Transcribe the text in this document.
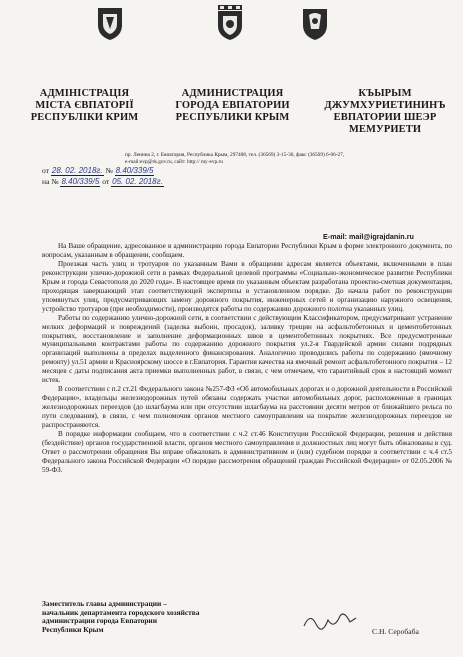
АДМІНІСТРАЦІЯ
МІСТА ЄВПАТОРІЇ
РЕСПУБЛІКИ КРИМ
АДМИНИСТРАЦИЯ
ГОРОДА ЕВПАТОРИИ
РЕСПУБЛИКИ КРЫМ
КЪЫРЫМ
ДЖУМХУРИЕТИНИНЪ
ЕВПАТОРИИ ШЕЭР
МЕМУРИЕТИ
пр. Ленина 2, г. Евпатория, Республика Крым, 297408, тел. (36569) 3-15-30, факс (36569) 6-06-27,
e-mail:evp@rk.gov.ru, сайт: http:// my-evp.ru
от 28. 02. 2018г. № 8.40/339/5
на № 8.40/339/5 от 05. 02. 2018г.
E-mail: mail@igrajdanin.ru

На Ваше обращение, адресованное в администрацию города Евпатории Республики Крым в форме электронного документа, по вопросам, указанным в обращении, сообщаем.

Проезжая часть улиц и тротуаров по указанным Вами в обращении адресам является объектами, включенными в план реконструкции улично-дорожной сети в рамках Федеральной целевой программы «Социально-экономическое развитие Республики Крым и города Севастополя до 2020 года». В настоящее время по указанным объектам разработана проектно-сметная документация, проходящая завершающий этап соответствующей экспертизы в установленном порядке. До начала работ по реконструкции упомянутых улиц, предусматривающих замену дорожного покрытия, инженерных сетей и организацию наружного освещения, устройство тротуаров (при необходимости), производятся работы по содержанию дорожного полотна указанных улиц.

Работы по содержанию улично-дорожной сети, в соответствии с действующим Классификатором, предусматривают устранение мелких деформаций и повреждений (заделка выбоин, просадок), заливку трещин на асфальтобетонных и цементобетонных покрытиях, восстановление и заполнение деформационных швов в цементобетонных покрытиях. Все предусмотренные муниципальными контрактами работы по содержанию дорожного покрытия ул.2-я Гвардейской армии силами подрядных организаций выполнены в пределах выделенного финансирования. Аналогично проводились работы по содержанию (ямочному ремонту) ул.51 армии и Красноярскому шоссе в г.Евпатория. Гарантия качества на ямочный ремонт асфальтобетонного покрытия – 12 месяцев с даты подписания акта приемки выполненных работ, в связи, с чем отмечаем, что гарантийный срок в настоящий момент истек.

В соответствии с п.2 ст.21 Федерального закона №257-ФЗ «Об автомобильных дорогах и о дорожной деятельности в Российской Федерации», владельцы железнодорожных путей обязаны содержать участки автомобильных дорог, расположенные в границах железнодорожных переездов (до шлагбаума или при отсутствии шлагбаума на расстоянии десяти метров от ближайшего рельса по пути следования), в связи, с чем полномочия органов местного самоуправления на покрытие железнодорожных переездов не распространяются.

В порядке информации сообщаем, что в соответствии с ч.2 ст.46 Конституции Российской Федерации, решения и действия (бездействие) органов государственной власти, органов местного самоуправления и должностных лиц могут быть обжалованы в суд. Ответ о рассмотрении обращения Вы вправе обжаловать в административном и (или) судебном порядке в соответствии с ч.4 ст.5 Федерального закона Российской Федерации «О порядке рассмотрения обращений граждан Российской Федерации» от 02.05.2006 № 59-ФЗ.

Заместитель главы администрации –
начальник департамента городского хозяйства
администрации города Евпатории
Республики Крым	С.Н. Серобаба
